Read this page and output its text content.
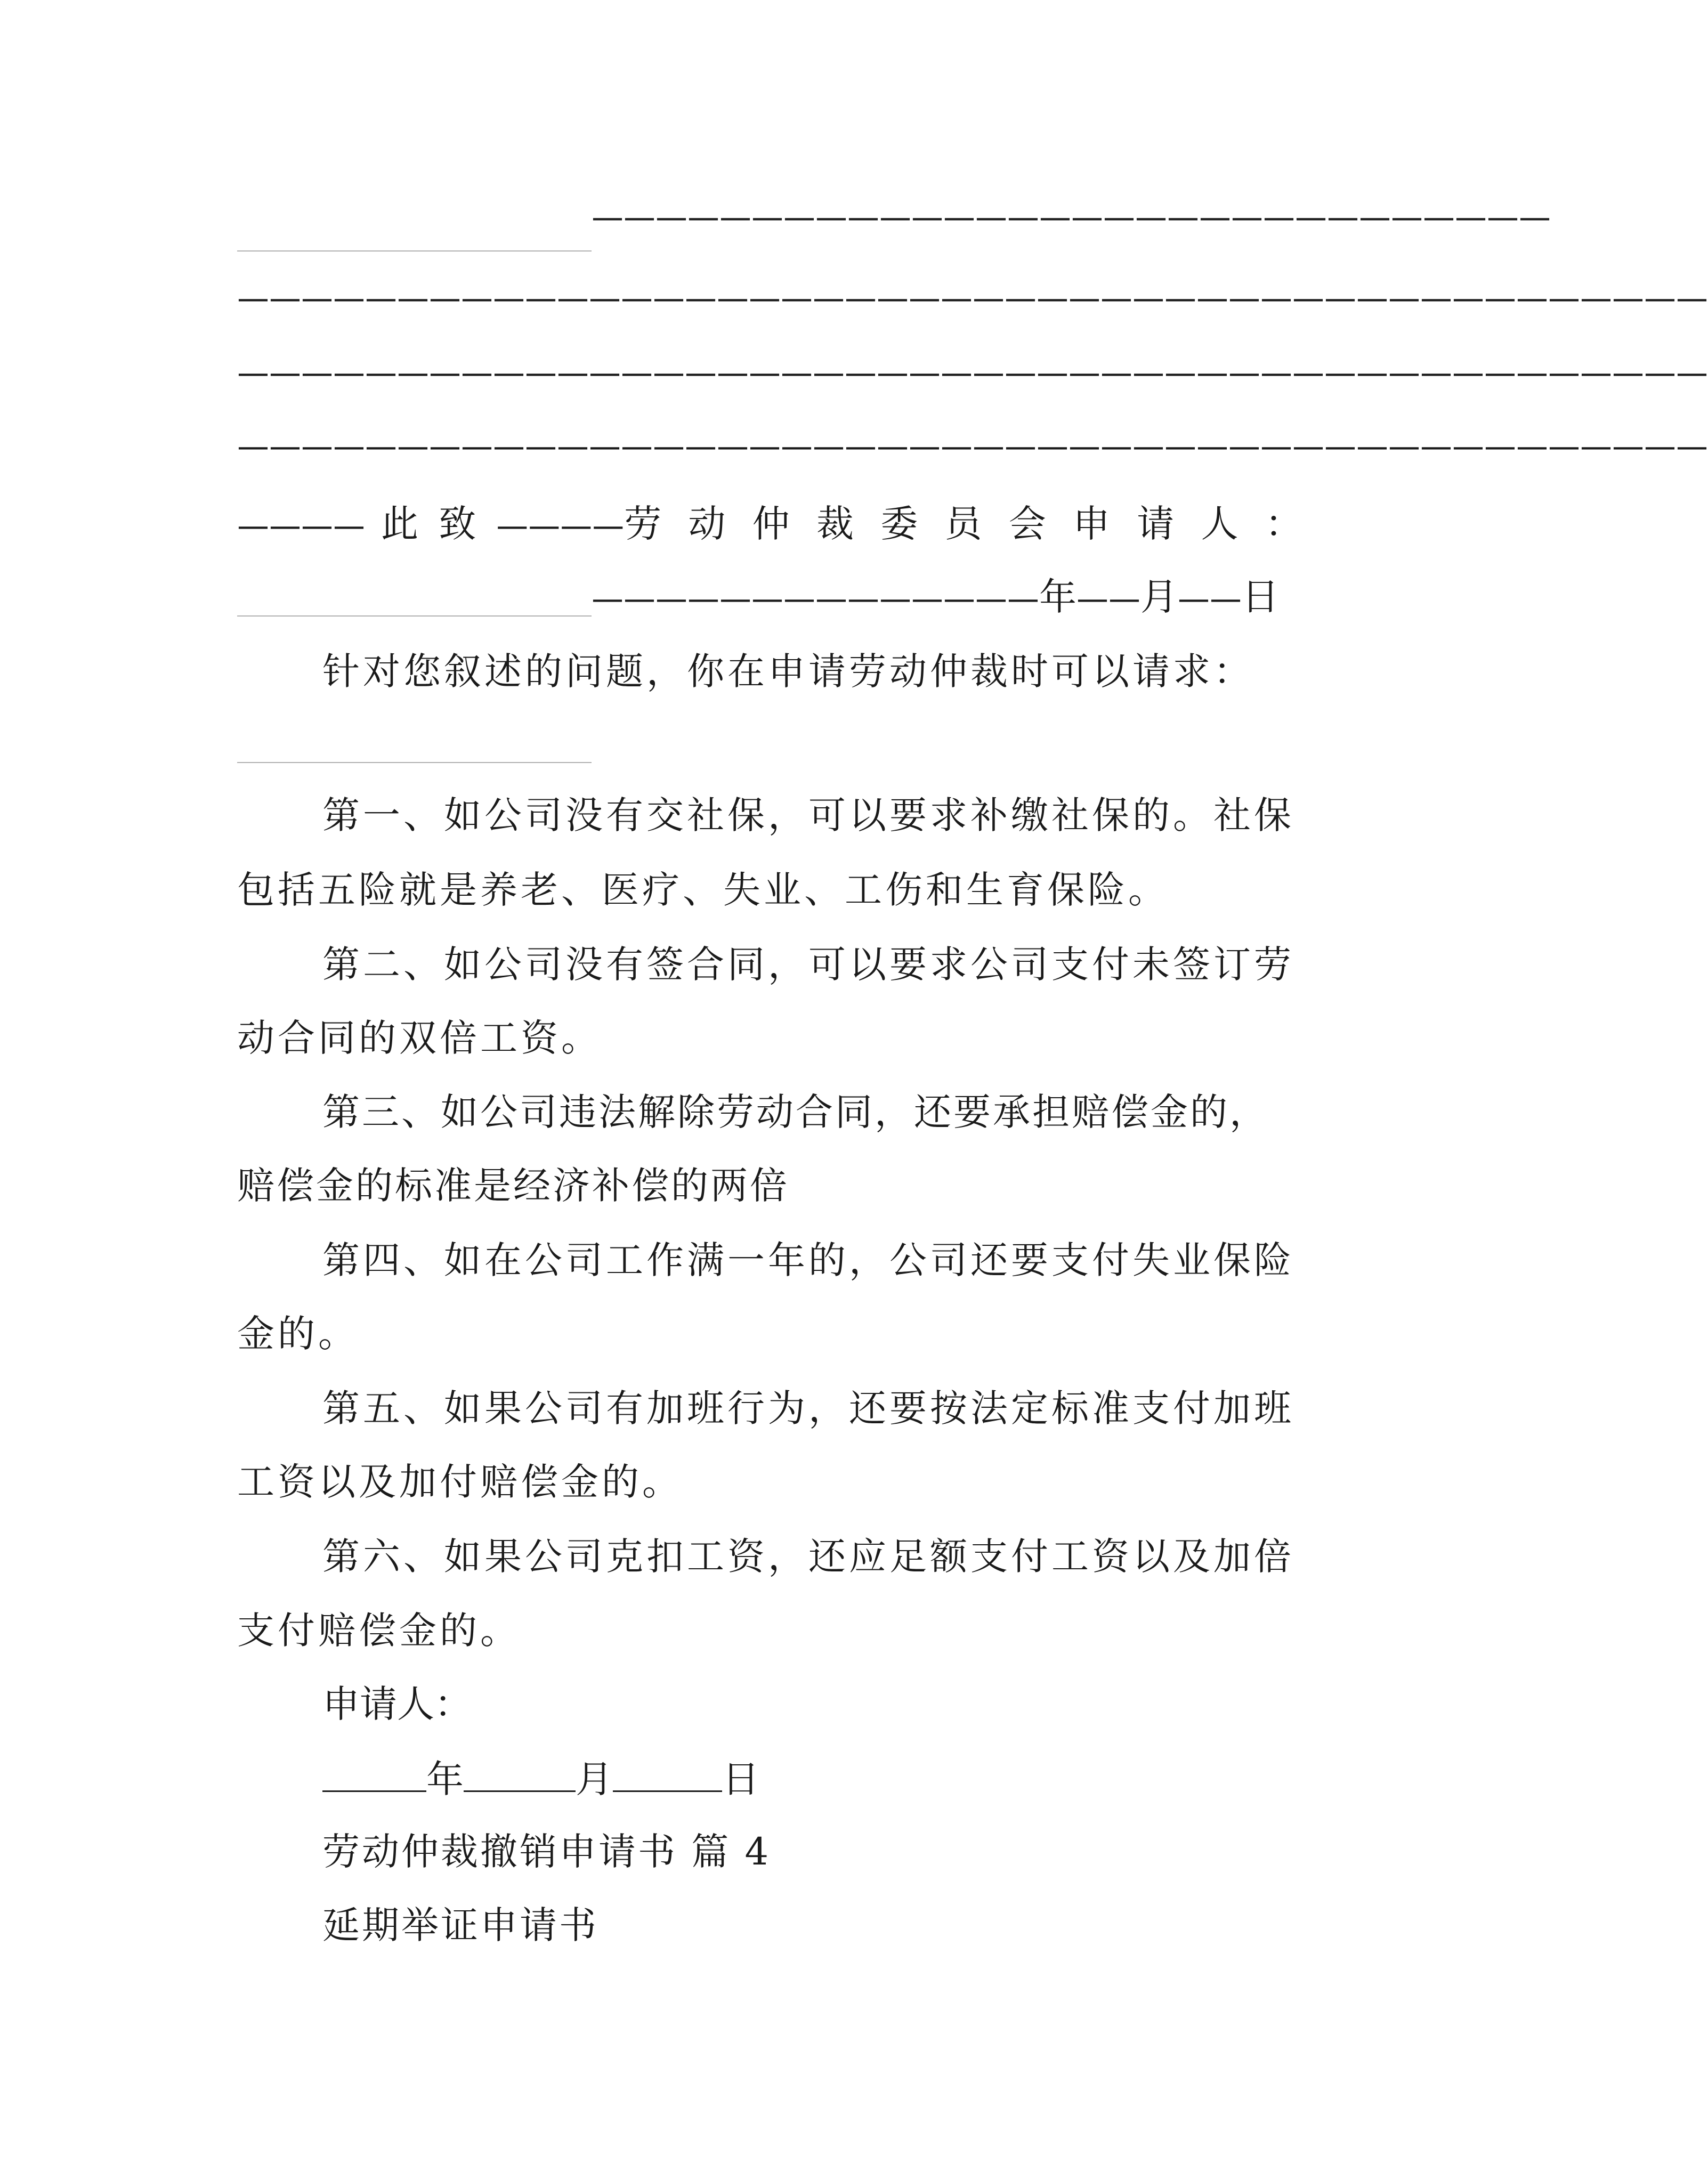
——————————————————————————————
——————————————————————————————————————————————
——————————————————————————————————————————————
——————————————————————————————————————————————
———— 此 致 ————劳 动 仲 裁 委 员 会 申 请 人 ：
——————————————年——月——日
针对您叙述的问题，你在申请劳动仲裁时可以请求：
第一、如公司没有交社保，可以要求补缴社保的。社保
包括五险就是养老、医疗、失业、工伤和生育保险。
第二、如公司没有签合同，可以要求公司支付未签订劳
动合同的双倍工资。
第三、如公司违法解除劳动合同，还要承担赔偿金的，
赔偿金的标准是经济补偿的两倍
第四、如在公司工作满一年的，公司还要支付失业保险
金的。
第五、如果公司有加班行为，还要按法定标准支付加班
工资以及加付赔偿金的。
第六、如果公司克扣工资，还应足额支付工资以及加倍
支付赔偿金的。
申请人：
年	月	日
劳动仲裁撤销申请书 篇 4
延期举证申请书
